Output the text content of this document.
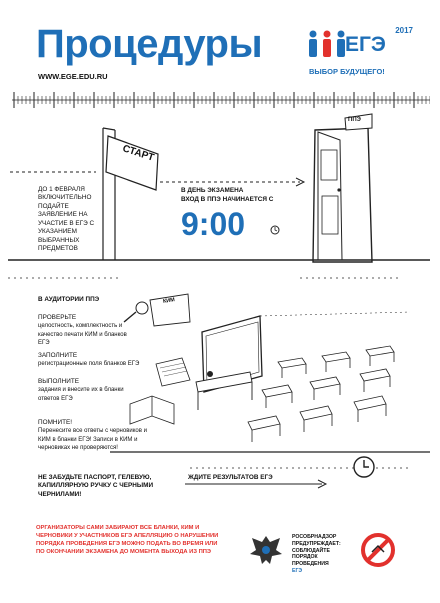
Процедуры
WWW.EGE.EDU.RU
2017
ЕГЭ
ВЫБОР БУДУЩЕГО!
СТАРТ
ППЭ
ДО 1 ФЕВРАЛЯ ВКЛЮЧИТЕЛЬНО ПОДАЙТЕ ЗАЯВЛЕНИЕ НА УЧАСТИЕ В ЕГЭ С УКАЗАНИЕМ ВЫБРАННЫХ ПРЕДМЕТОВ
В ДЕНЬ ЭКЗАМЕНА
ВХОД В ППЭ НАЧИНАЕТСЯ С
9:00
В АУДИТОРИИ ППЭ
ПРОВЕРЬТЕ
целостность, комплектность и качество печати КИМ и бланков ЕГЭ
ЗАПОЛНИТЕ
регистрационные поля бланков ЕГЭ
ВЫПОЛНИТЕ
задания и внесите их в бланки ответов ЕГЭ
ПОМНИТЕ!
Перенесите все ответы с черновиков и КИМ в бланки ЕГЭ! Записи в КИМ и черновиках не проверяются!
КИМ
НЕ ЗАБУДЬТЕ ПАСПОРТ, ГЕЛЕВУЮ, КАПИЛЛЯРНУЮ РУЧКУ С ЧЕРНЫМИ ЧЕРНИЛАМИ!
ЖДИТЕ РЕЗУЛЬТАТОВ ЕГЭ
ОРГАНИЗАТОРЫ САМИ ЗАБИРАЮТ ВСЕ БЛАНКИ, КИМ И ЧЕРНОВИКИ У УЧАСТНИКОВ ЕГЭ АПЕЛЛЯЦИЮ О НАРУШЕНИИ ПОРЯДКА ПРОВЕДЕНИЯ ЕГЭ МОЖНО ПОДАТЬ ВО ВРЕМЯ ИЛИ ПО ОКОНЧАНИИ ЭКЗАМЕНА ДО МОМЕНТА ВЫХОДА ИЗ ППЭ
РОСОБРНАДЗОР ПРЕДУПРЕЖДАЕТ:
СОБЛЮДАЙТЕ ПОРЯДОК ПРОВЕДЕНИЯ
ЕГЭ
